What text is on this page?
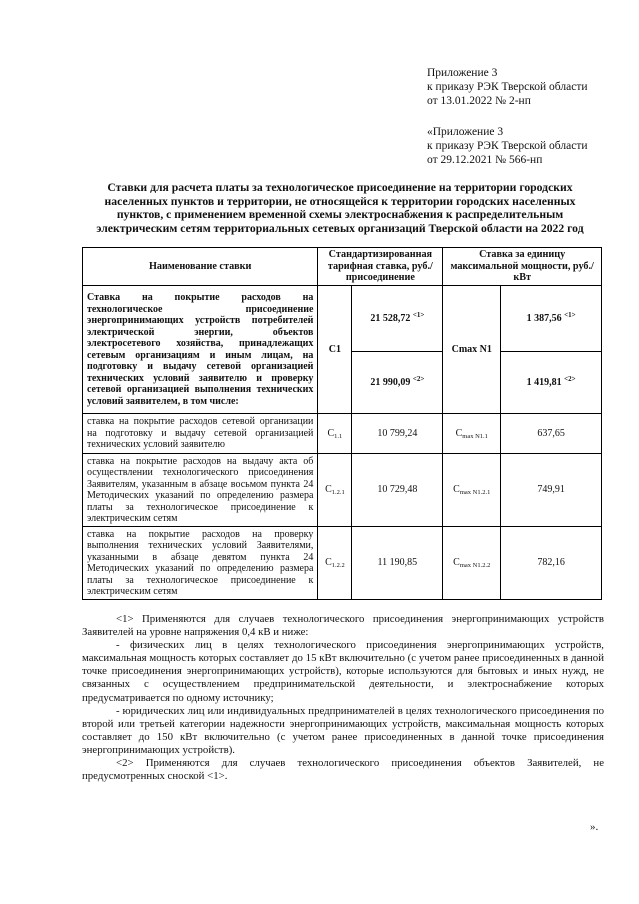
Приложение 3
к приказу РЭК Тверской области
от 13.01.2022 № 2-нп
«Приложение 3
к приказу РЭК Тверской области
от 29.12.2021 № 566-нп
Ставки для расчета платы за технологическое присоединение на территории городских
населенных пунктов и территории, не относящейся к территории городских населенных
пунктов, с применением временной схемы электроснабжения к распределительным
электрическим сетям территориальных сетевых организаций Тверской области на 2022 год
Наименование ставки	Стандартизированная тарифная ставка, руб./присоединение		Ставка за единицу максимальной мощности, руб./кВт	
Ставка на покрытие расходов на технологическое присоединение энергопринимающих устройств потребителей электрической энергии, объектов электросетевого хозяйства, принадлежащих сетевым организациям и иным лицам, на подготовку и выдачу сетевой организацией технических условий заявителю и проверку сетевой организацией выполнения технических условий заявителем, в том числе:	С1	21 528,72 $^{<1>}$	Сmax N1	1 387,56 $^{<1>}$
		21 990,09 $^{<2>}$		1 419,81 $^{<2>}$
ставка на покрытие расходов сетевой организации на подготовку и выдачу сетевой организацией технических условий заявителю	$С_{1.1}$	10 799,24	$С_{max N1.1}$	637,65
ставка на покрытие расходов на выдачу акта об осуществлении технологического присоединения Заявителям, указанным в абзаце восьмом пункта 24 Методических указаний по определению размера платы за технологическое присоединение к электрическим сетям	$С_{1.2.1}$	10 729,48	$С_{max N1.2.1}$	749,91
ставка на покрытие расходов на проверку выполнения технических условий Заявителями, указанными в абзаце девятом пункта 24 Методических указаний по определению размера платы за технологическое присоединение к электрическим сетям	$С_{1.2.2}$	11 190,85	$С_{max N1.2.2}$	782,16

<1> Применяются для случаев технологического присоединения энергопринимающих устройств Заявителей на уровне напряжения 0,4 кВ и ниже:

- физических лиц в целях технологического присоединения энергопринимающих устройств, максимальная мощность которых составляет до 15 кВт включительно (с учетом ранее присоединенных в данной точке присоединения энергопринимающих устройств), которые используются для бытовых и иных нужд, не связанных с осуществлением предпринимательской деятельности, и электроснабжение которых предусматривается по одному источнику;

- юридических лиц или индивидуальных предпринимателей в целях технологического присоединения по второй или третьей категории надежности энергопринимающих устройств, максимальная мощность которых составляет до 150 кВт включительно (с учетом ранее присоединенных в данной точке присоединения энергопринимающих устройств).

<2> Применяются для случаев технологического присоединения объектов Заявителей, не предусмотренных сноской <1>.

».
